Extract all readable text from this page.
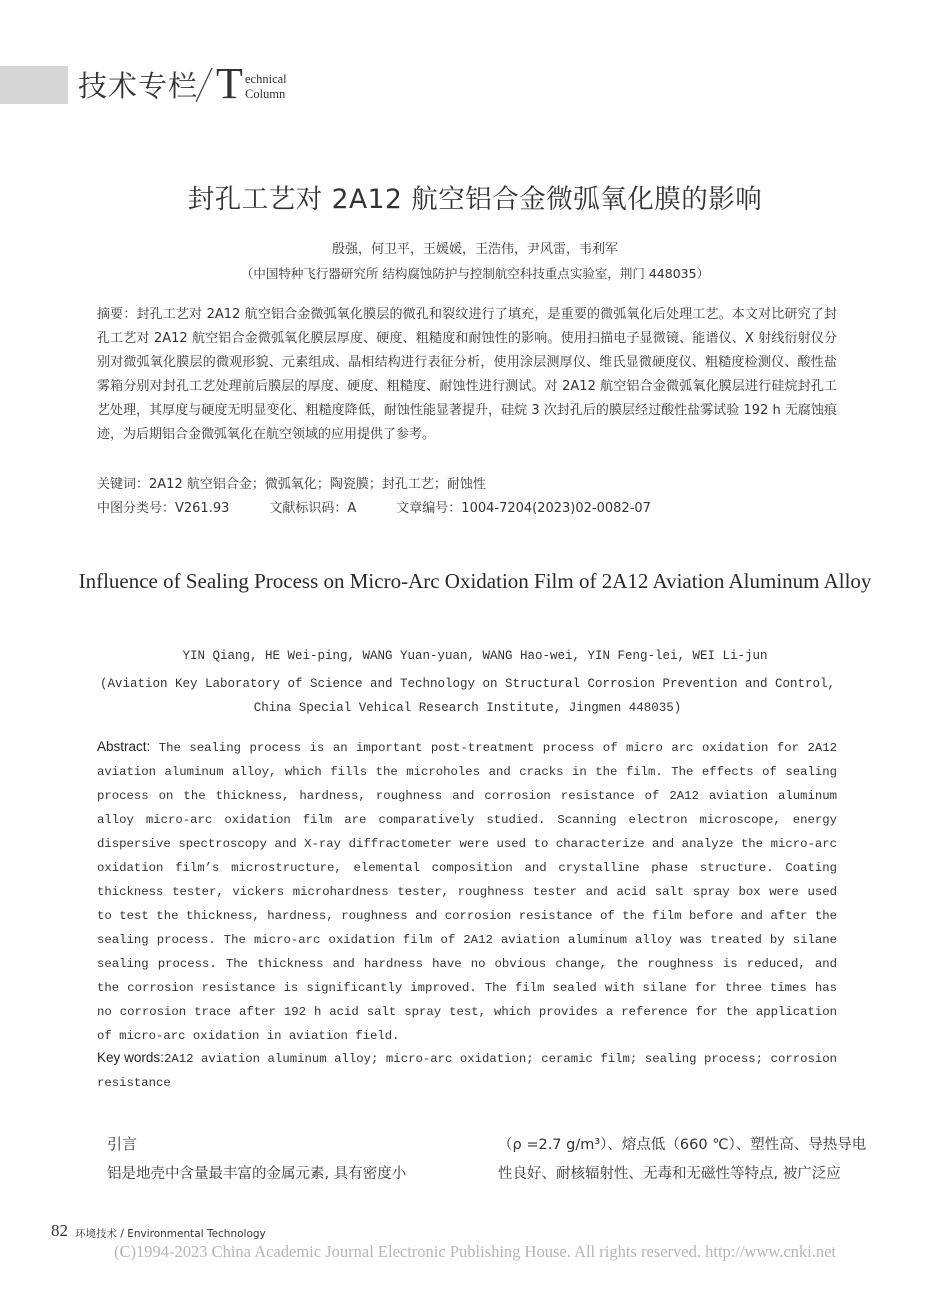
技术专栏 T echnical
Column
封孔工艺对 2A12 航空铝合金微弧氧化膜的影响
殷强，何卫平，王媛媛，王浩伟，尹风雷，韦利军
（中国特种飞行器研究所 结构腐蚀防护与控制航空科技重点实验室，荆门 448035）
摘要：封孔工艺对 2A12 航空铝合金微弧氧化膜层的微孔和裂纹进行了填充，是重要的微弧氧化后处理工艺。本文对比研究了封孔工艺对 2A12 航空铝合金微弧氧化膜层厚度、硬度、粗糙度和耐蚀性的影响。使用扫描电子显微镜、能谱仪、X 射线衍射仪分别对微弧氧化膜层的微观形貌、元素组成、晶相结构进行表征分析，使用涂层测厚仪、维氏显微硬度仪、粗糙度检测仪、酸性盐雾箱分别对封孔工艺处理前后膜层的厚度、硬度、粗糙度、耐蚀性进行测试。对 2A12 航空铝合金微弧氧化膜层进行硅烷封孔工艺处理，其厚度与硬度无明显变化、粗糙度降低，耐蚀性能显著提升，硅烷 3 次封孔后的膜层经过酸性盐雾试验 192 h 无腐蚀痕迹，为后期铝合金微弧氧化在航空领域的应用提供了参考。
关键词：2A12 航空铝合金；微弧氧化；陶瓷膜；封孔工艺；耐蚀性
中图分类号：V261.93	文献标识码：A	文章编号：1004-7204(2023)02-0082-07
Influence of Sealing Process on Micro-Arc Oxidation Film of 2A12 Aviation Aluminum Alloy
YIN Qiang, HE Wei-ping, WANG Yuan-yuan, WANG Hao-wei, YIN Feng-lei, WEI Li-jun
(Aviation Key Laboratory of Science and Technology on Structural Corrosion Prevention and Control, China Special Vehical Research Institute, Jingmen 448035)
Abstract: The sealing process is an important post-treatment process of micro arc oxidation for 2A12 aviation aluminum alloy, which fills the microholes and cracks in the film. The effects of sealing process on the thickness, hardness, roughness and corrosion resistance of 2A12 aviation aluminum alloy micro-arc oxidation film are comparatively studied. Scanning electron microscope, energy dispersive spectroscopy and X-ray diffractometer were used to characterize and analyze the micro-arc oxidation film’s microstructure, elemental composition and crystalline phase structure. Coating thickness tester, vickers microhardness tester, roughness tester and acid salt spray box were used to test the thickness, hardness, roughness and corrosion resistance of the film before and after the sealing process. The micro-arc oxidation film of 2A12 aviation aluminum alloy was treated by silane sealing process. The thickness and hardness have no obvious change, the roughness is reduced, and the corrosion resistance is significantly improved. The film sealed with silane for three times has no corrosion trace after 192 h acid salt spray test, which provides a reference for the application of micro-arc oxidation in aviation field.
Key words:2A12 aviation aluminum alloy; micro-arc oxidation; ceramic film; sealing process; corrosion resistance
引言
铝是地壳中含量最丰富的金属元素, 具有密度小
（ρ =2.7 g/m³）、熔点低（660 ℃）、塑性高、导热导电
性良好、耐核辐射性、无毒和无磁性等特点, 被广泛应
82 环境技术 / Environmental Technology
(C)1994-2023 China Academic Journal Electronic Publishing House. All rights reserved. http://www.cnki.net
